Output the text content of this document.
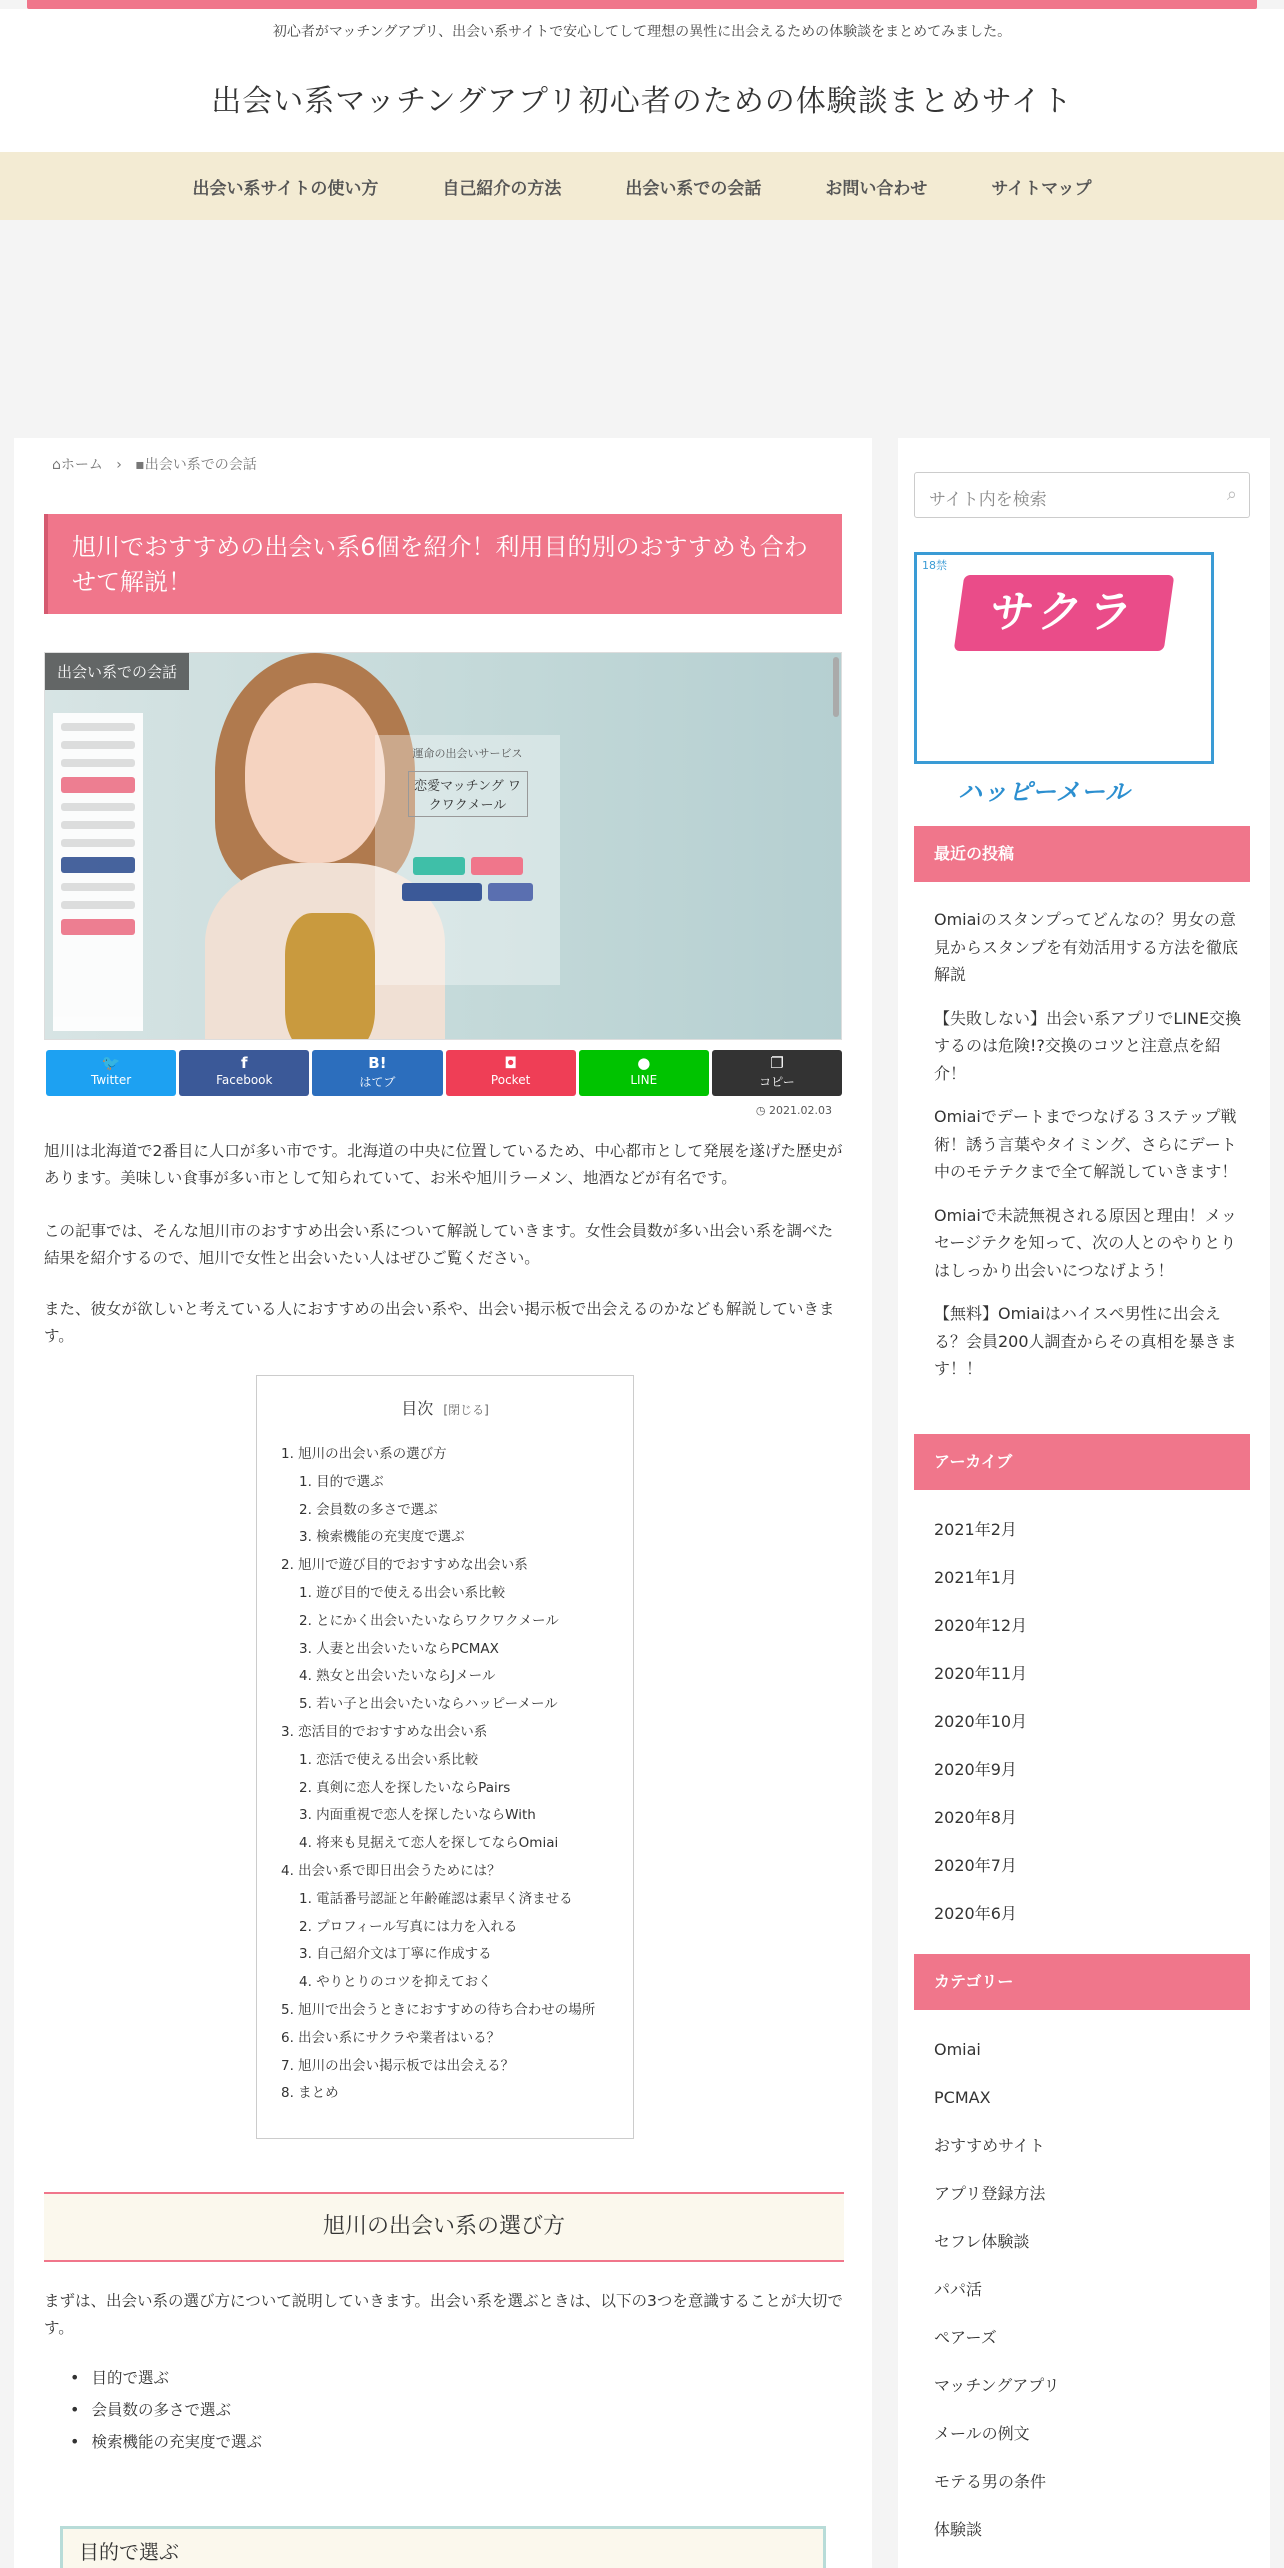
初心者がマッチングアプリ、出会い系サイトで安心してして理想の異性に出会えるための体験談をまとめてみました。
出会い系マッチングアプリ初心者のための体験談まとめサイト
出会い系サイトの使い方	自己紹介の方法	出会い系での会話	お問い合わせ	サイトマップ
⌂ホーム   ›   ▪出会い系での会話
旭川でおすすめの出会い系6個を紹介！利用目的別のおすすめも合わせて解説！
運命の出会いサービス
恋愛マッチング ワクワクメール
出会い系での会話
🐦
Twitter
f
Facebook
B!
はてブ
◘
Pocket
●
LINE
❐
コピー
◷ 2021.02.03
旭川は北海道で2番目に人口が多い市です。北海道の中央に位置しているため、中心都市として発展を遂げた歴史があります。美味しい食事が多い市として知られていて、お米や旭川ラーメン、地酒などが有名です。
この記事では、そんな旭川市のおすすめ出会い系について解説していきます。女性会員数が多い出会い系を調べた結果を紹介するので、旭川で女性と出会いたい人はぜひご覧ください。
また、彼女が欲しいと考えている人におすすめの出会い系や、出会い掲示板で出会えるのかなども解説していきます。
目次 [閉じる]
1. 旭川の出会い系の選び方
1. 目的で選ぶ
2. 会員数の多さで選ぶ
3. 検索機能の充実度で選ぶ
2. 旭川で遊び目的でおすすめな出会い系
1. 遊び目的で使える出会い系比較
2. とにかく出会いたいならワクワクメール
3. 人妻と出会いたいならPCMAX
4. 熟女と出会いたいならJメール
5. 若い子と出会いたいならハッピーメール
3. 恋活目的でおすすめな出会い系
1. 恋活で使える出会い系比較
2. 真剣に恋人を探したいならPairs
3. 内面重視で恋人を探したいならWith
4. 将来も見据えて恋人を探してならOmiai
4. 出会い系で即日出会うためには？
1. 電話番号認証と年齢確認は素早く済ませる
2. プロフィール写真には力を入れる
3. 自己紹介文は丁寧に作成する
4. やりとりのコツを抑えておく
5. 旭川で出会うときにおすすめの待ち合わせの場所
6. 出会い系にサクラや業者はいる？
7. 旭川の出会い掲示板では出会える？
8. まとめ
旭川の出会い系の選び方
まずは、出会い系の選び方について説明していきます。出会い系を選ぶときは、以下の3つを意識することが大切です。
• 目的で選ぶ
• 会員数の多さで選ぶ
• 検索機能の充実度で選ぶ
目的で選ぶ
サイト内を検索	⌕
18禁
サクラ
ハッピーメール
最近の投稿
Omiaiのスタンプってどんなの？男女の意見からスタンプを有効活用する方法を徹底解説
【失敗しない】出会い系アプリでLINE交換するのは危険!?交換のコツと注意点を紹介！
Omiaiでデートまでつなげる３ステップ戦術！誘う言葉やタイミング、さらにデート中のモテテクまで全て解説していきます！
Omiaiで未読無視される原因と理由！メッセージテクを知って、次の人とのやりとりはしっかり出会いにつなげよう！
【無料】Omiaiはハイスペ男性に出会える？会員200人調査からその真相を暴きます！！
アーカイブ
2021年2月
2021年1月
2020年12月
2020年11月
2020年10月
2020年9月
2020年8月
2020年7月
2020年6月
カテゴリー
Omiai
PCMAX
おすすめサイト
アプリ登録方法
セフレ体験談
パパ活
ペアーズ
マッチングアプリ
メールの例文
モテる男の条件
体験談
